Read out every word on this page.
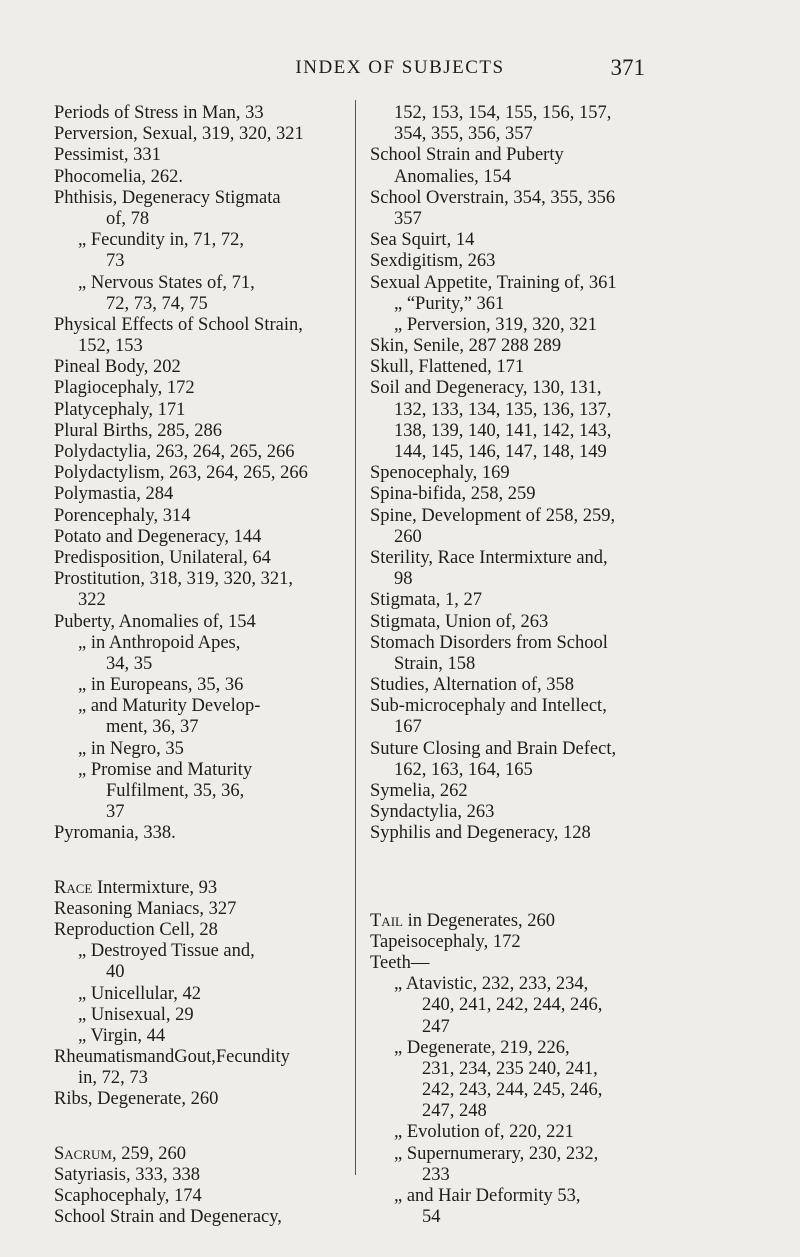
INDEX OF SUBJECTS	371
Periods of Stress in Man, 33
Perversion, Sexual, 319, 320, 321
Pessimist, 331
Phocomelia, 262.
Phthisis, Degeneracy Stigmata
of, 78
„ Fecundity in, 71, 72,
73
„ Nervous States of, 71,
72, 73, 74, 75
Physical Effects of School Strain,
152, 153
Pineal Body, 202
Plagiocephaly, 172
Platycephaly, 171
Plural Births, 285, 286
Polydactylia, 263, 264, 265, 266
Polydactylism, 263, 264, 265, 266
Polymastia, 284
Porencephaly, 314
Potato and Degeneracy, 144
Predisposition, Unilateral, 64
Prostitution, 318, 319, 320, 321,
322
Puberty, Anomalies of, 154
„ in Anthropoid Apes,
34, 35
„ in Europeans, 35, 36
„ and Maturity Develop-
ment, 36, 37
„ in Negro, 35
„ Promise and Maturity
Fulfilment, 35, 36,
37
Pyromania, 338.
Race Intermixture, 93
Reasoning Maniacs, 327
Reproduction Cell, 28
„ Destroyed Tissue and,
40
„ Unicellular, 42
„ Unisexual, 29
„ Virgin, 44
RheumatismandGout,Fecundity
in, 72, 73
Ribs, Degenerate, 260
Sacrum, 259, 260
Satyriasis, 333, 338
Scaphocephaly, 174
School Strain and Degeneracy,
152, 153, 154, 155, 156, 157,
354, 355, 356, 357
School Strain and Puberty
Anomalies, 154
School Overstrain, 354, 355, 356
357
Sea Squirt, 14
Sexdigitism, 263
Sexual Appetite, Training of, 361
„ “Purity,” 361
„ Perversion, 319, 320, 321
Skin, Senile, 287 288 289
Skull, Flattened, 171
Soil and Degeneracy, 130, 131,
132, 133, 134, 135, 136, 137,
138, 139, 140, 141, 142, 143,
144, 145, 146, 147, 148, 149
Spenocephaly, 169
Spina-bifida, 258, 259
Spine, Development of 258, 259,
260
Sterility, Race Intermixture and,
98
Stigmata, 1, 27
Stigmata, Union of, 263
Stomach Disorders from School
Strain, 158
Studies, Alternation of, 358
Sub-microcephaly and Intellect,
167
Suture Closing and Brain Defect,
162, 163, 164, 165
Symelia, 262
Syndactylia, 263
Syphilis and Degeneracy, 128
Tail in Degenerates, 260
Tapeisocephaly, 172
Teeth—
„ Atavistic, 232, 233, 234,
240, 241, 242, 244, 246,
247
„ Degenerate, 219, 226,
231, 234, 235 240, 241,
242, 243, 244, 245, 246,
247, 248
„ Evolution of, 220, 221
„ Supernumerary, 230, 232,
233
„ and Hair Deformity 53,
54
